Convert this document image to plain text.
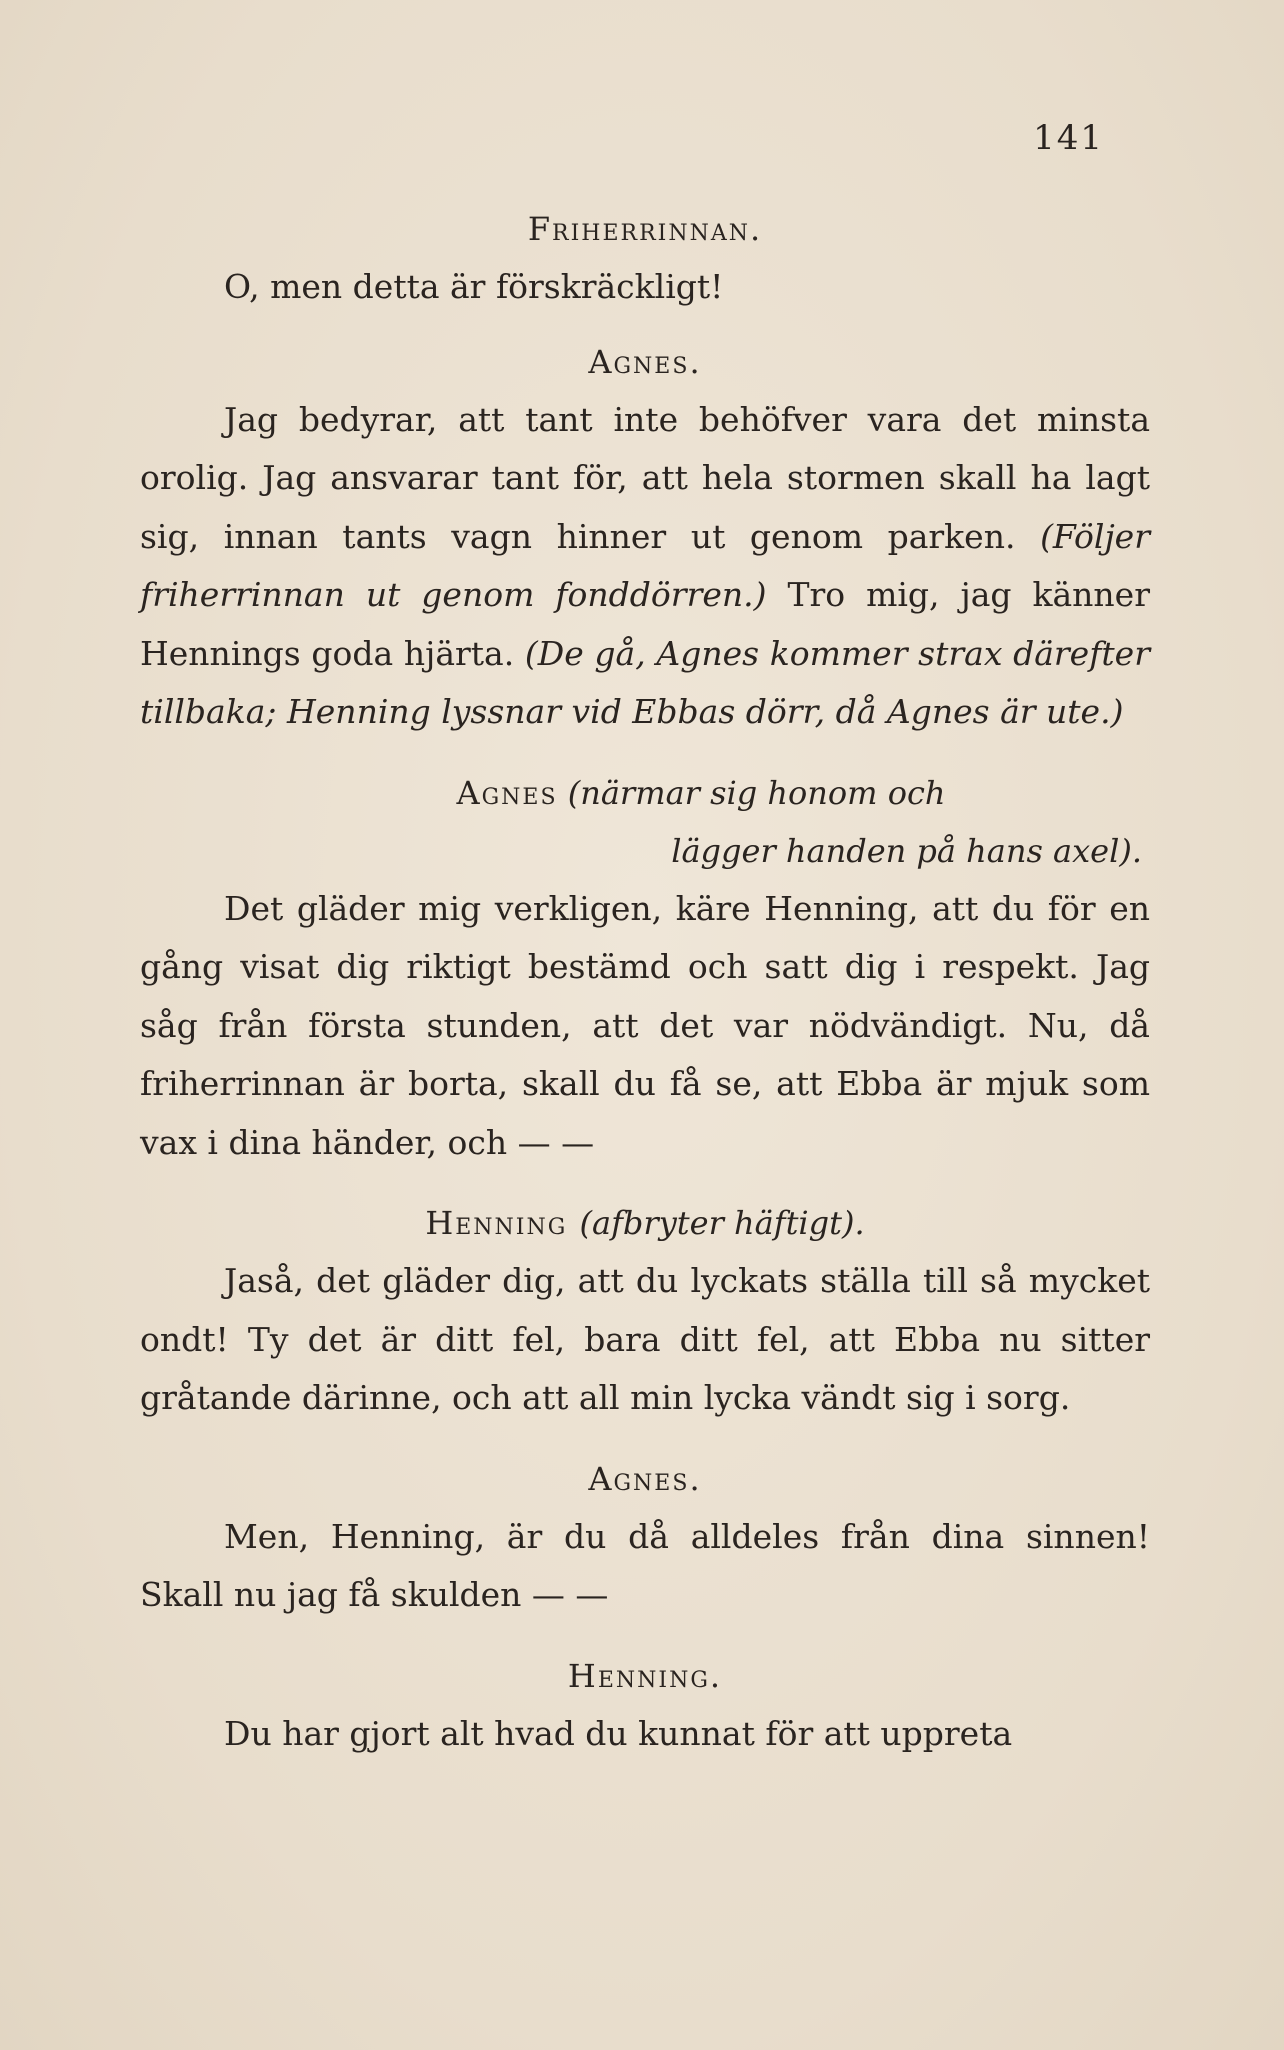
141

Friherrinnan.

O, men detta är förskräckligt!

Agnes.

Jag bedyrar, att tant inte behöfver vara det minsta orolig. Jag ansvarar tant för, att hela stormen skall ha lagt sig, innan tants vagn hinner ut genom parken. (Följer friherrinnan ut genom fonddörren.) Tro mig, jag känner Hennings goda hjärta. (De gå, Agnes kommer strax därefter tillbaka; Henning lyssnar vid Ebbas dörr, då Agnes är ute.)

Agnes (närmar sig honom och

lägger handen på hans axel).

Det gläder mig verkligen, käre Henning, att du för en gång visat dig riktigt bestämd och satt dig i respekt. Jag såg från första stunden, att det var nödvändigt. Nu, då friherrinnan är borta, skall du få se, att Ebba är mjuk som vax i dina händer, och — —

Henning (afbryter häftigt).

Jaså, det gläder dig, att du lyckats ställa till så mycket ondt! Ty det är ditt fel, bara ditt fel, att Ebba nu sitter gråtande därinne, och att all min lycka vändt sig i sorg.

Agnes.

Men, Henning, är du då alldeles från dina sinnen! Skall nu jag få skulden — —

Henning.

Du har gjort alt hvad du kunnat för att uppreta
